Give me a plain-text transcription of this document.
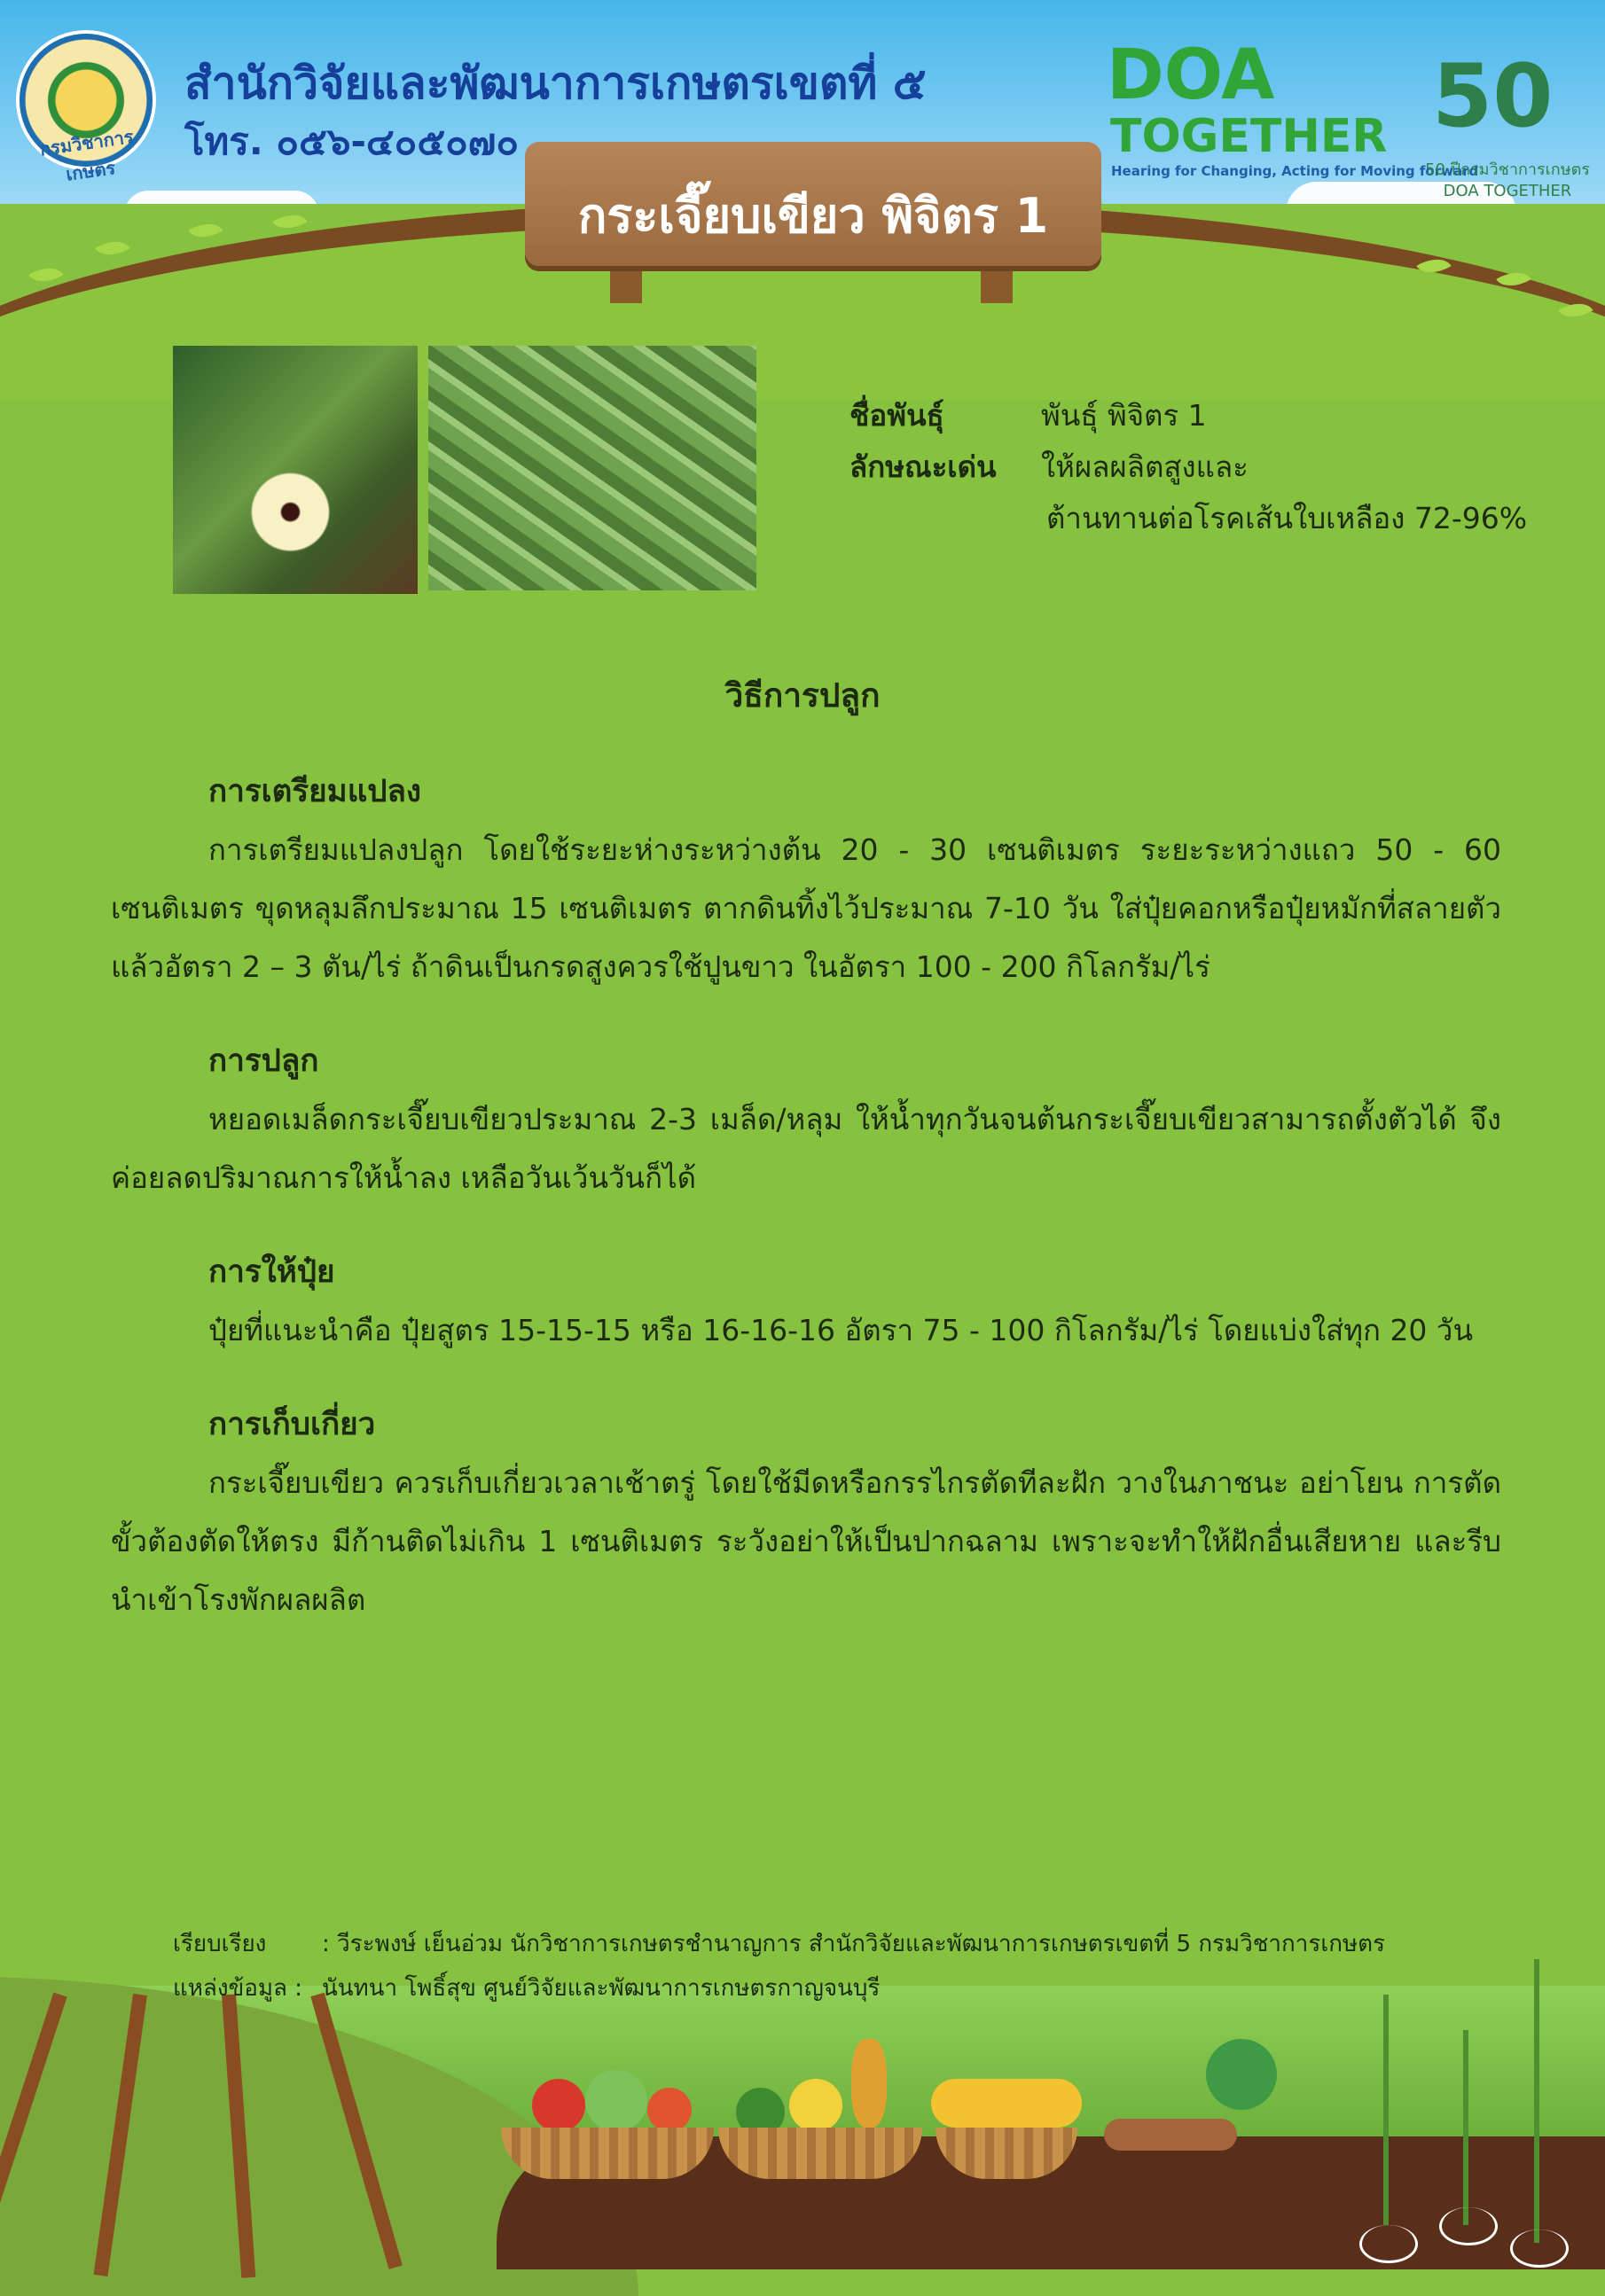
กรมวิชาการเกษตร
สำนักวิจัยและพัฒนาการเกษตรเขตที่ ๕
โทร. ๐๕๖-๔๐๕๐๗๐
DOA
TOGETHER
Hearing for Changing, Acting for Moving forward
50
50 ปีกรมวิชาการเกษตร DOA TOGETHER
กระเจี๊ยบเขียว พิจิตร 1
ชื่อพันธุ์	พันธุ์ พิจิตร 1
ลักษณะเด่น	ให้ผลผลิตสูงและ
ต้านทานต่อโรคเส้นใบเหลือง 72-96%
วิธีการปลูก
การเตรียมแปลง

การเตรียมแปลงปลูก โดยใช้ระยะห่างระหว่างต้น 20 - 30 เซนติเมตร ระยะระหว่างแถว 50 - 60 เซนติเมตร ขุดหลุมลึกประมาณ 15 เซนติเมตร ตากดินทิ้งไว้ประมาณ 7-10 วัน ใส่ปุ๋ยคอกหรือปุ๋ยหมักที่สลายตัวแล้วอัตรา 2 – 3 ตัน/ไร่ ถ้าดินเป็นกรดสูงควรใช้ปูนขาว ในอัตรา 100 - 200 กิโลกรัม/ไร่

การปลูก

หยอดเมล็ดกระเจี๊ยบเขียวประมาณ 2-3 เมล็ด/หลุม ให้น้ำทุกวันจนต้นกระเจี๊ยบเขียวสามารถตั้งตัวได้ จึงค่อยลดปริมาณการให้น้ำลง เหลือวันเว้นวันก็ได้

การให้ปุ๋ย

ปุ๋ยที่แนะนำคือ ปุ๋ยสูตร 15-15-15 หรือ 16-16-16 อัตรา 75 - 100 กิโลกรัม/ไร่ โดยแบ่งใส่ทุก 20 วัน

การเก็บเกี่ยว

กระเจี๊ยบเขียว ควรเก็บเกี่ยวเวลาเช้าตรู่ โดยใช้มีดหรือกรรไกรตัดทีละฝัก วางในภาชนะ อย่าโยน การตัดขั้วต้องตัดให้ตรง มีก้านติดไม่เกิน 1 เซนติเมตร ระวังอย่าให้เป็นปากฉลาม เพราะจะทำให้ฝักอื่นเสียหาย และรีบนำเข้าโรงพักผลผลิต

เรียบเรียง	: วีระพงษ์ เย็นอ่วม นักวิชาการเกษตรชำนาญการ สำนักวิจัยและพัฒนาการเกษตรเขตที่ 5 กรมวิชาการเกษตร
แหล่งข้อมูล : นันทนา โพธิ์สุข ศูนย์วิจัยและพัฒนาการเกษตรกาญจนบุรี
